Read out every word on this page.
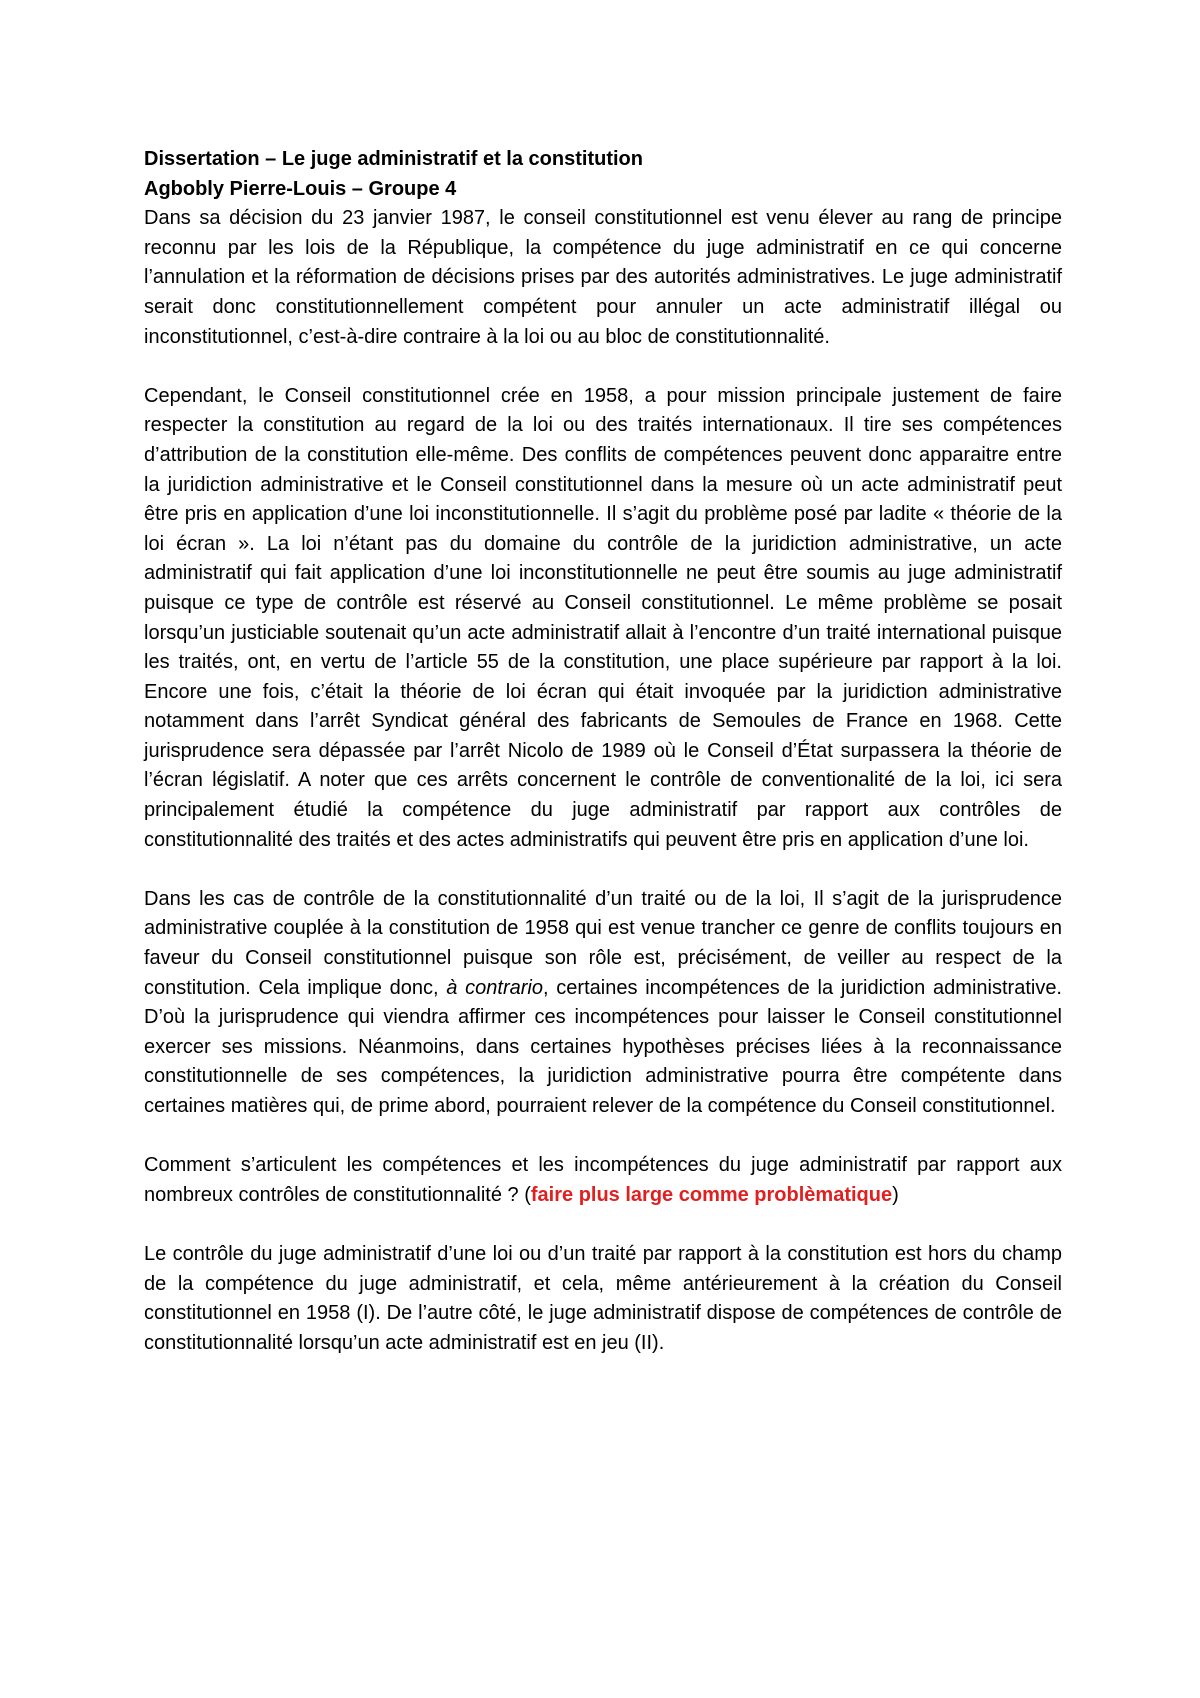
Dissertation – Le juge administratif et la constitution
Agbobly Pierre-Louis – Groupe 4

Dans sa décision du 23 janvier 1987, le conseil constitutionnel est venu élever au rang de principe reconnu par les lois de la République, la compétence du juge administratif en ce qui concerne l’annulation et la réformation de décisions prises par des autorités administratives. Le juge administratif serait donc constitutionnellement compétent pour annuler un acte administratif illégal ou inconstitutionnel, c’est-à-dire contraire à la loi ou au bloc de constitutionnalité.

Cependant, le Conseil constitutionnel crée en 1958, a pour mission principale justement de faire respecter la constitution au regard de la loi ou des traités internationaux. Il tire ses compétences d’attribution de la constitution elle-même. Des conflits de compétences peuvent donc apparaitre entre la juridiction administrative et le Conseil constitutionnel dans la mesure où un acte administratif peut être pris en application d’une loi inconstitutionnelle. Il s’agit du problème posé par ladite « théorie de la loi écran ». La loi n’étant pas du domaine du contrôle de la juridiction administrative, un acte administratif qui fait application d’une loi inconstitutionnelle ne peut être soumis au juge administratif puisque ce type de contrôle est réservé au Conseil constitutionnel. Le même problème se posait lorsqu’un justiciable soutenait qu’un acte administratif allait à l’encontre d’un traité international puisque les traités, ont, en vertu de l’article 55 de la constitution, une place supérieure par rapport à la loi. Encore une fois, c’était la théorie de loi écran qui était invoquée par la juridiction administrative notamment dans l’arrêt Syndicat général des fabricants de Semoules de France en 1968. Cette jurisprudence sera dépassée par l’arrêt Nicolo de 1989 où le Conseil d’État surpassera la théorie de l’écran législatif. A noter que ces arrêts concernent le contrôle de conventionalité de la loi, ici sera principalement étudié la compétence du juge administratif par rapport aux contrôles de constitutionnalité des traités et des actes administratifs qui peuvent être pris en application d’une loi.

Dans les cas de contrôle de la constitutionnalité d’un traité ou de la loi, Il s’agit de la jurisprudence administrative couplée à la constitution de 1958 qui est venue trancher ce genre de conflits toujours en faveur du Conseil constitutionnel puisque son rôle est, précisément, de veiller au respect de la constitution. Cela implique donc, à contrario, certaines incompétences de la juridiction administrative. D’où la jurisprudence qui viendra affirmer ces incompétences pour laisser le Conseil constitutionnel exercer ses missions. Néanmoins, dans certaines hypothèses précises liées à la reconnaissance constitutionnelle de ses compétences, la juridiction administrative pourra être compétente dans certaines matières qui, de prime abord, pourraient relever de la compétence du Conseil constitutionnel.

Comment s’articulent les compétences et les incompétences du juge administratif par rapport aux nombreux contrôles de constitutionnalité ? (faire plus large comme problèmatique)

Le contrôle du juge administratif d’une loi ou d’un traité par rapport à la constitution est hors du champ de la compétence du juge administratif, et cela, même antérieurement à la création du Conseil constitutionnel en 1958 (I). De l’autre côté, le juge administratif dispose de compétences de contrôle de constitutionnalité lorsqu’un acte administratif est en jeu (II).
